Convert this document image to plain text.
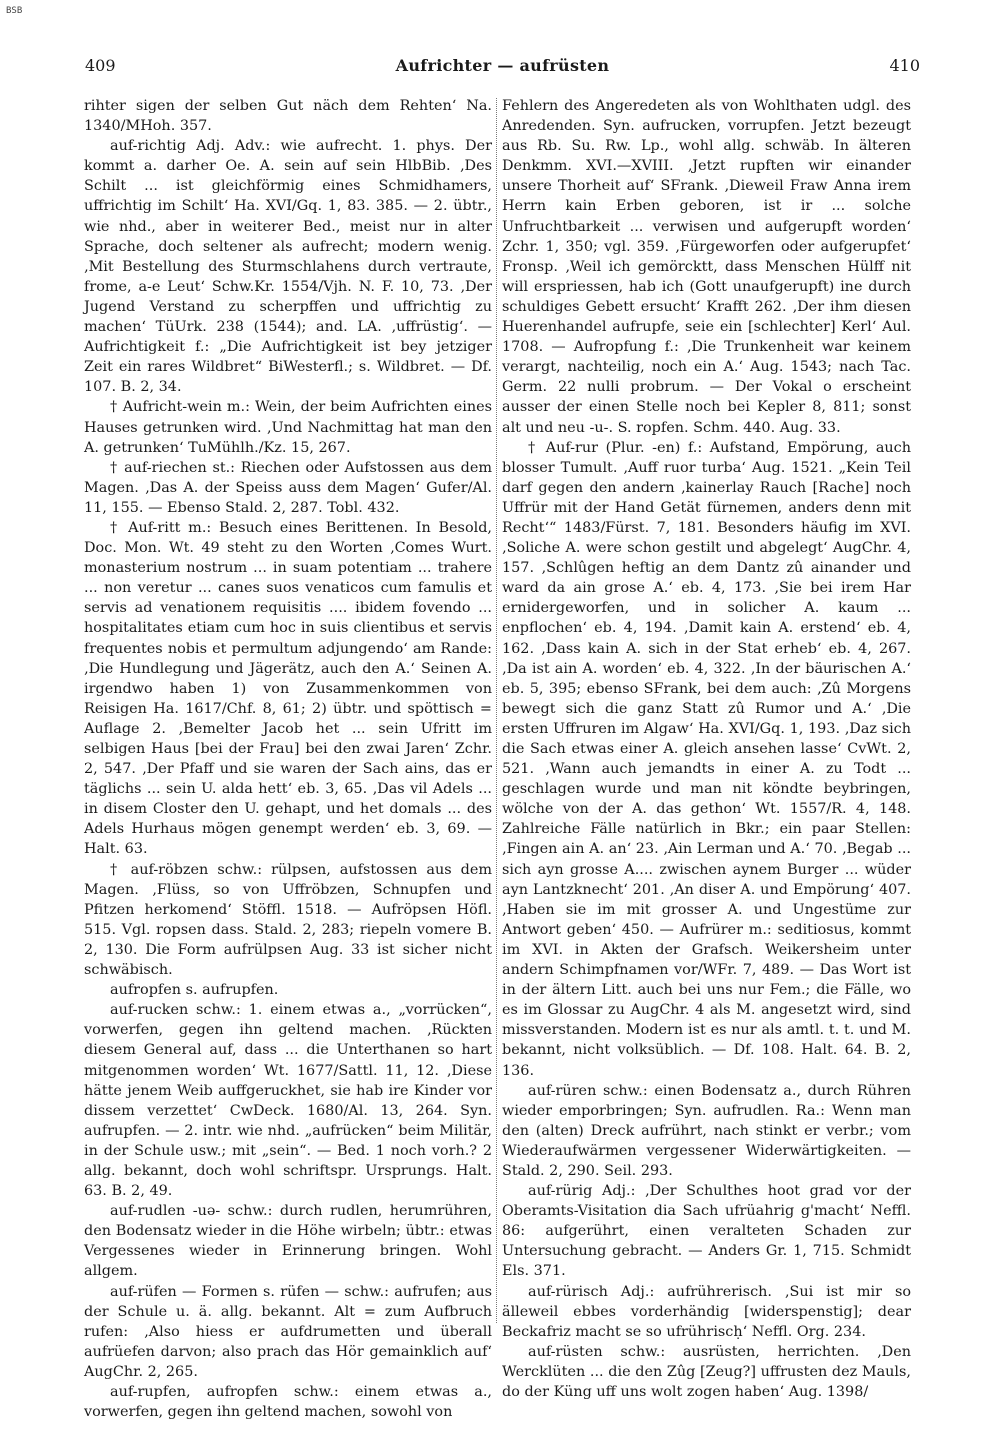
BSB
409	Aufrichter — aufrüsten	410

rihter sigen der selben Gut näch dem Rehten‘ Na. 1340/MHoh. 357.

auf-richtig Adj. Adv.: wie aufrecht. 1. phys. Der kommt a. darher Oe. A. sein auf sein HlbBib. ‚Des Schilt ... ist gleichförmig eines Schmidhamers, uffrichtig im Schilt‘ Ha. XVI/Gq. 1, 83. 385. — 2. übtr., wie nhd., aber in weiterer Bed., meist nur in alter Sprache, doch seltener als aufrecht; modern wenig. ‚Mit Bestellung des Sturmschlahens durch vertraute, frome, a-e Leut‘ Schw.Kr. 1554/Vjh. N. F. 10, 73. ‚Der Jugend Verstand zu scherpffen und uffrichtig zu machen‘ TüUrk. 238 (1544); and. LA. ‚uffrüstig‘. — Aufrichtigkeit f.: „Die Aufrichtigkeit ist bey jetziger Zeit ein rares Wildbret“ BiWesterfl.; s. Wildbret. — Df. 107. B. 2, 34.

† Aufricht-wein m.: Wein, der beim Aufrichten eines Hauses getrunken wird. ‚Und Nachmittag hat man den A. getrunken‘ TuMühlh./Kz. 15, 267.

† auf-riechen st.: Riechen oder Aufstossen aus dem Magen. ‚Das A. der Speiss auss dem Magen‘ Gufer/Al. 11, 155. — Ebenso Stald. 2, 287. Tobl. 432.

† Auf-ritt m.: Besuch eines Berittenen. In Besold, Doc. Mon. Wt. 49 steht zu den Worten ‚Comes Wurt. monasterium nostrum ... in suam potentiam ... trahere ... non veretur ... canes suos venaticos cum famulis et servis ad venationem requisitis .... ibidem fovendo ... hospitalitates etiam cum hoc in suis clientibus et servis frequentes nobis et permultum adjungendo‘ am Rande: ‚Die Hundlegung und Jägerätz, auch den A.‘ Seinen A. irgendwo haben 1) von Zusammenkommen von Reisigen Ha. 1617/Chf. 8, 61; 2) übtr. und spöttisch = Auflage 2. ‚Bemelter Jacob het ... sein Ufritt im selbigen Haus [bei der Frau] bei den zwai Jaren‘ Zchr. 2, 547. ‚Der Pfaff und sie waren der Sach ains, das er täglichs ... sein U. alda hett‘ eb. 3, 65. ‚Das vil Adels ... in disem Closter den U. gehapt, und het domals ... des Adels Hurhaus mögen genempt werden‘ eb. 3, 69. — Halt. 63.

† auf-röbzen schw.: rülpsen, aufstossen aus dem Magen. ‚Flüss, so von Uffröbzen, Schnupfen und Pfitzen herkomend‘ Stöffl. 1518. — Aufröpsen Höfl. 515. Vgl. ropsen dass. Stald. 2, 283; riepeln vomere B. 2, 130. Die Form aufrülpsen Aug. 33 ist sicher nicht schwäbisch.

aufropfen s. aufrupfen.

auf-rucken schw.: 1. einem etwas a., „vorrücken“, vorwerfen, gegen ihn geltend machen. ‚Rückten diesem General auf, dass ... die Unterthanen so hart mitgenommen worden‘ Wt. 1677/Sattl. 11, 12. ‚Diese hätte jenem Weib auffgeruckhet, sie hab ire Kinder vor dissem verzettet‘ CwDeck. 1680/Al. 13, 264. Syn. aufrupfen. — 2. intr. wie nhd. „aufrücken“ beim Militär, in der Schule usw.; mit „sein“. — Bed. 1 noch vorh.? 2 allg. bekannt, doch wohl schriftspr. Ursprungs. Halt. 63. B. 2, 49.

auf-rudlen -uə- schw.: durch rudlen, herumrühren, den Bodensatz wieder in die Höhe wirbeln; übtr.: etwas Vergessenes wieder in Erinnerung bringen. Wohl allgem.

auf-rüfen — Formen s. rüfen — schw.: aufrufen; aus der Schule u. ä. allg. bekannt. Alt = zum Aufbruch rufen: ‚Also hiess er aufdrumetten und überall aufrüefen darvon; also prach das Hör gemainklich auf‘ AugChr. 2, 265.

auf-rupfen, aufropfen schw.: einem etwas a., vorwerfen, gegen ihn geltend machen, sowohl von

Fehlern des Angeredeten als von Wohlthaten udgl. des Anredenden. Syn. aufrucken, vorrupfen. Jetzt bezeugt aus Rb. Su. Rw. Lp., wohl allg. schwäb. In älteren Denkmm. XVI.—XVIII. ‚Jetzt rupften wir einander unsere Thorheit auf‘ SFrank. ‚Dieweil Fraw Anna irem Herrn kain Erben geboren, ist ir ... solche Unfruchtbarkeit ... verwisen und aufgerupft worden‘ Zchr. 1, 350; vgl. 359. ‚Fürgeworfen oder aufgerupfet‘ Fronsp. ‚Weil ich gemörcktt, dass Menschen Hülff nit will erspriessen, hab ich (Gott unaufgerupft) ine durch schuldiges Gebett ersucht‘ Krafft 262. ‚Der ihm diesen Huerenhandel aufrupfe, seie ein [schlechter] Kerl‘ Aul. 1708. — Aufropfung f.: ‚Die Trunkenheit war keinem verargt, nachteilig, noch ein A.‘ Aug. 1543; nach Tac. Germ. 22 nulli probrum. — Der Vokal o erscheint ausser der einen Stelle noch bei Kepler 8, 811; sonst alt und neu -u-. S. ropfen. Schm. 440. Aug. 33.

† Auf-rur (Plur. -en) f.: Aufstand, Empörung, auch blosser Tumult. ‚Auff ruor turba‘ Aug. 1521. „Kein Teil darf gegen den andern ‚kainerlay Rauch [Rache] noch Uffrür mit der Hand Getät fürnemen, anders denn mit Recht‘“ 1483/Fürst. 7, 181. Besonders häufig im XVI. ‚Soliche A. were schon gestilt und abgelegt‘ AugChr. 4, 157. ‚Schlûgen heftig an dem Dantz zû ainander und ward da ain grose A.‘ eb. 4, 173. ‚Sie bei irem Har ernidergeworfen, und in solicher A. kaum ... enpflochen‘ eb. 4, 194. ‚Damit kain A. erstend‘ eb. 4, 162. ‚Dass kain A. sich in der Stat erheb‘ eb. 4, 267. ‚Da ist ain A. worden‘ eb. 4, 322. ‚In der bäurischen A.‘ eb. 5, 395; ebenso SFrank, bei dem auch: ‚Zû Morgens bewegt sich die ganz Statt zû Rumor und A.‘ ‚Die ersten Uffruren im Algaw‘ Ha. XVI/Gq. 1, 193. ‚Daz sich die Sach etwas einer A. gleich ansehen lasse‘ CvWt. 2, 521. ‚Wann auch jemandts in einer A. zu Todt ... geschlagen wurde und man nit köndte beybringen, wölche von der A. das gethon‘ Wt. 1557/R. 4, 148. Zahlreiche Fälle natürlich in Bkr.; ein paar Stellen: ‚Fingen ain A. an‘ 23. ‚Ain Lerman und A.‘ 70. ‚Begab ... sich ayn grosse A.... zwischen aynem Burger ... wüder ayn Lantzknecht‘ 201. ‚An diser A. und Empörung‘ 407. ‚Haben sie im mit grosser A. und Ungestüme zur Antwort geben‘ 450. — Aufrürer m.: seditiosus, kommt im XVI. in Akten der Grafsch. Weikersheim unter andern Schimpfnamen vor/WFr. 7, 489. — Das Wort ist in der ältern Litt. auch bei uns nur Fem.; die Fälle, wo es im Glossar zu AugChr. 4 als M. angesetzt wird, sind missverstanden. Modern ist es nur als amtl. t. t. und M. bekannt, nicht volksüblich. — Df. 108. Halt. 64. B. 2, 136.

auf-rüren schw.: einen Bodensatz a., durch Rühren wieder emporbringen; Syn. aufrudlen. Ra.: Wenn man den (alten) Dreck aufrührt, nach stinkt er verbr.; vom Wiederaufwärmen vergessener Widerwärtigkeiten. — Stald. 2, 290. Seil. 293.

auf-rürig Adj.: ‚Der Schulthes hoot grad vor der Oberamts-Visitation dia Sach ufrüahrig g'macht‘ Neffl. 86: aufgerührt, einen veralteten Schaden zur Untersuchung gebracht. — Anders Gr. 1, 715. Schmidt Els. 371.

auf-rürisch Adj.: aufrührerisch. ‚Sui ist mir so älleweil ebbes vorderhändig [widerspenstig]; dear Beckafriz macht se so ufrühriscḥ‘ Neffl. Org. 234.

auf-rüsten schw.: ausrüsten, herrichten. ‚Den Wercklüten ... die den Zûg [Zeug?] uffrusten dez Mauls, do der Küng uff uns wolt zogen haben‘ Aug. 1398/
